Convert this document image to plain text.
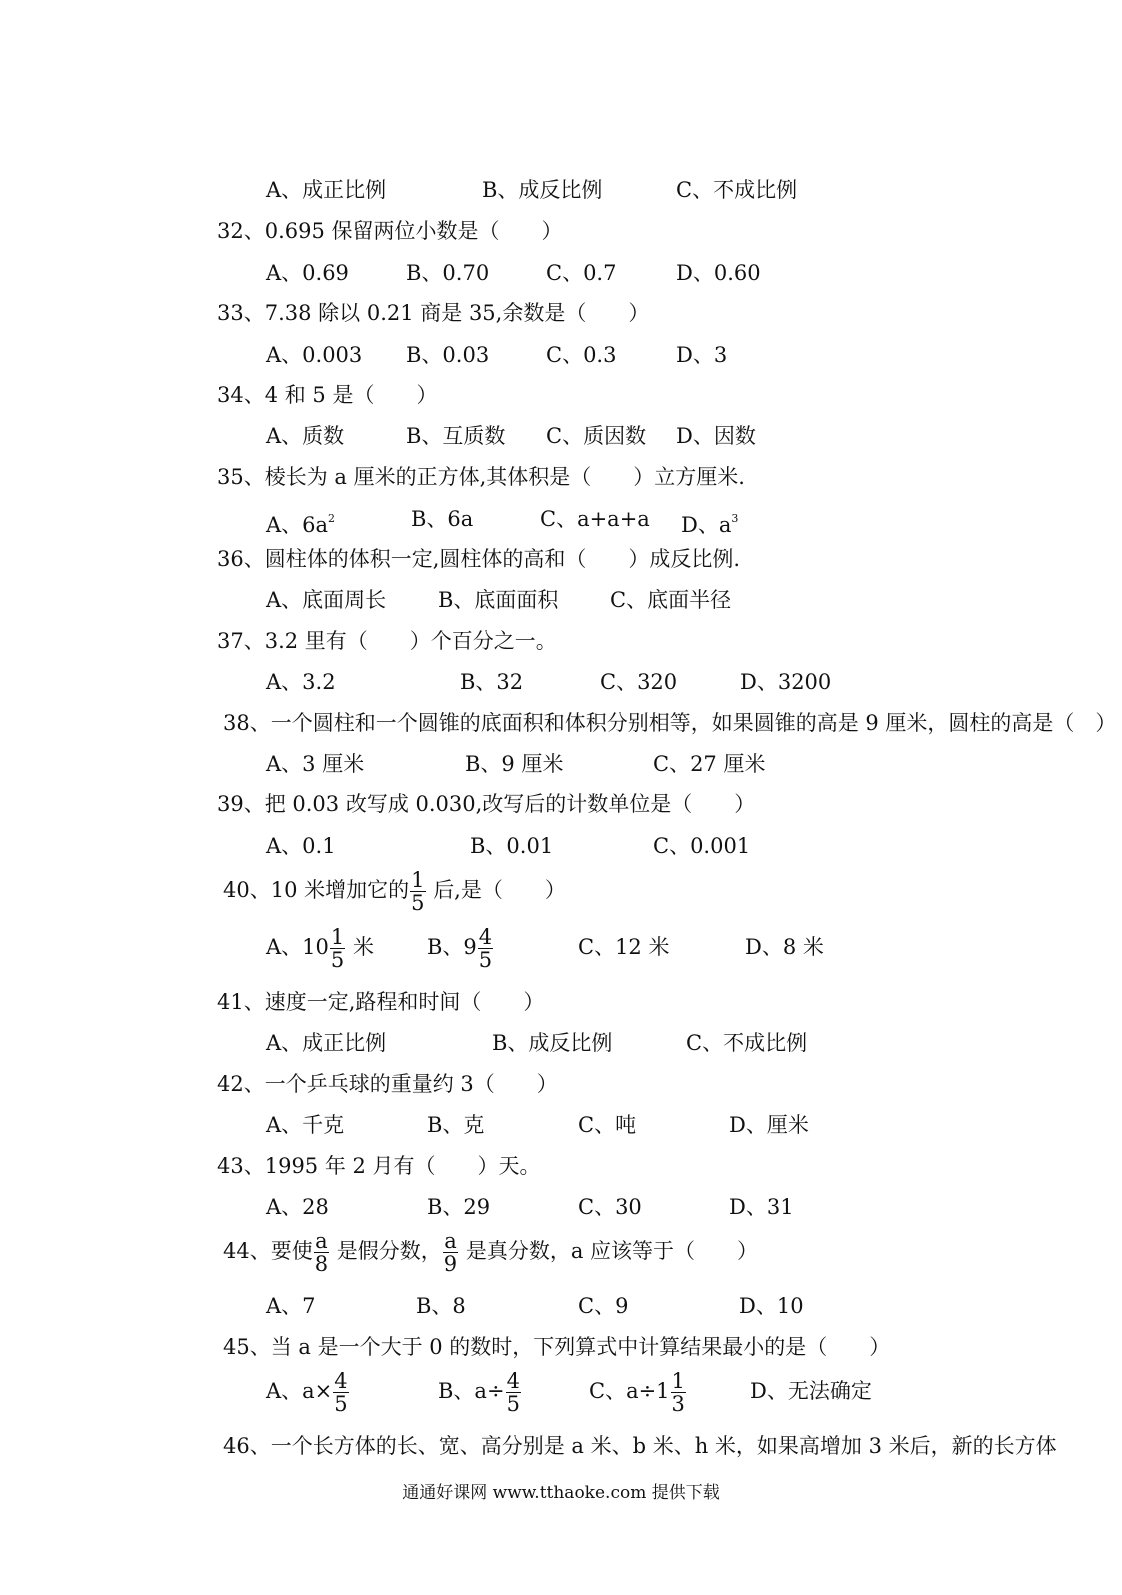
A、成正比例	B、成反比例	C、不成比例
32、0.695 保留两位小数是（　　）
A、0.69	B、0.70	C、0.7	D、0.60
33、7.38 除以 0.21 商是 35,余数是（　　）
A、0.003 B、0.03	C、0.3	D、3
34、4 和 5 是（　　）
A、质数	B、互质数 C、质因数 D、因数
35、棱长为 a 厘米的正方体,其体积是（　　）立方厘米.
A、$6a^2$	B、6a	C、a+a+a D、$a^3$
36、圆柱体的体积一定,圆柱体的高和（　　）成反比例.
A、底面周长 B、底面面积 C、底面半径
37、3.2 里有（　　）个百分之一。
A、3.2	B、32	C、320	D、3200
38、一个圆柱和一个圆锥的底面积和体积分别相等，如果圆锥的高是 9 厘米，圆柱的高是（　）
A、3 厘米	B、9 厘米	C、27 厘米
39、把 0.03 改写成 0.030,改写后的计数单位是（　　）
A、0.1	B、0.01	C、0.001
40、10 米增加它的 $\frac{1}{5}$ 后,是（　　）
A、$10 \frac{1}{5}$ 米	B、$9 \frac{4}{5}$	C、12 米	D、8 米
41、速度一定,路程和时间（　　）
A、成正比例	B、成反比例	C、不成比例
42、一个乒乓球的重量约 3（　　）
A、千克	B、克	C、吨	D、厘米
43、1995 年 2 月有（　　）天。
A、28	B、29	C、30	D、31
44、要使 $\frac{a}{8}$ 是假分数， $\frac{a}{9}$ 是真分数，a 应该等于（　　）
A、7	B、8	C、9	D、10
45、当 a 是一个大于 0 的数时，下列算式中计算结果最小的是（　　）
A、$a\times \frac{4}{5}$	B、$a\div \frac{4}{5}$	C、$a\div 1 \frac{1}{3}$	D、无法确定
46、一个长方体的长、宽、高分别是 a 米、b 米、h 米，如果高增加 3 米后，新的长方体
通通好课网 www.tthaoke.com 提供下载
